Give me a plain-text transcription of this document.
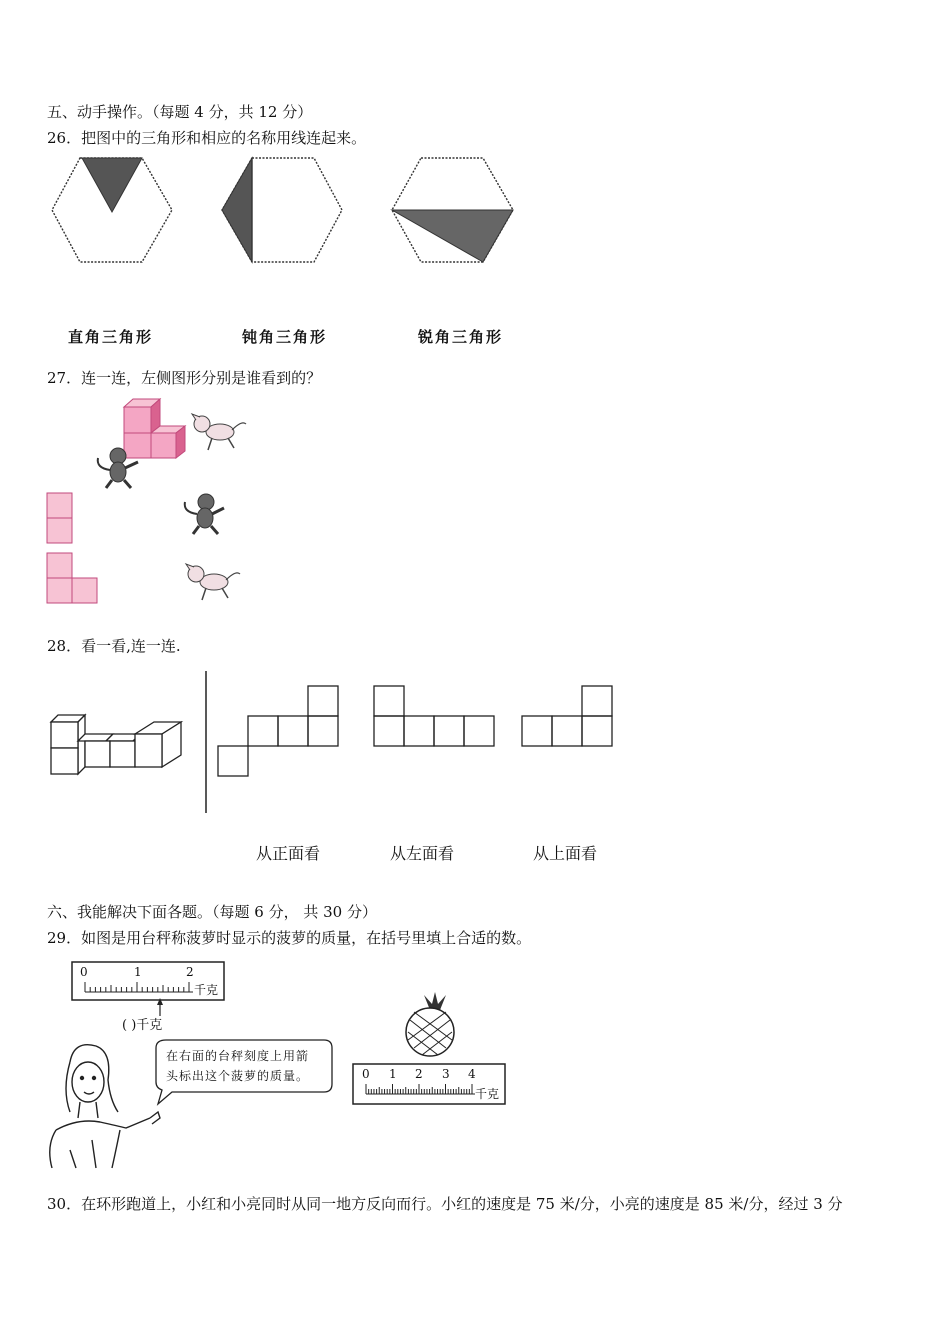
五、动手操作。（每题 4 分，共 12 分）
26．把图中的三角形和相应的名称用线连起来。
直角三角形	钝角三角形	锐角三角形
27．连一连，左侧图形分别是谁看到的？
28．看一看,连一连.
从正面看	从左面看	从上面看
六、我能解决下面各题。（每题 6 分， 共 30 分）
29．如图是用台秤称菠萝时显示的菠萝的质量，在括号里填上合适的数。
0	1	2
千克
( )千克
在右面的台秤刻度上用箭
头标出这个菠萝的质量。	0 1 2 3 4
千克
30．在环形跑道上，小红和小亮同时从同一地方反向而行。小红的速度是 75 米/分，小亮的速度是 85 米/分，经过 3 分
